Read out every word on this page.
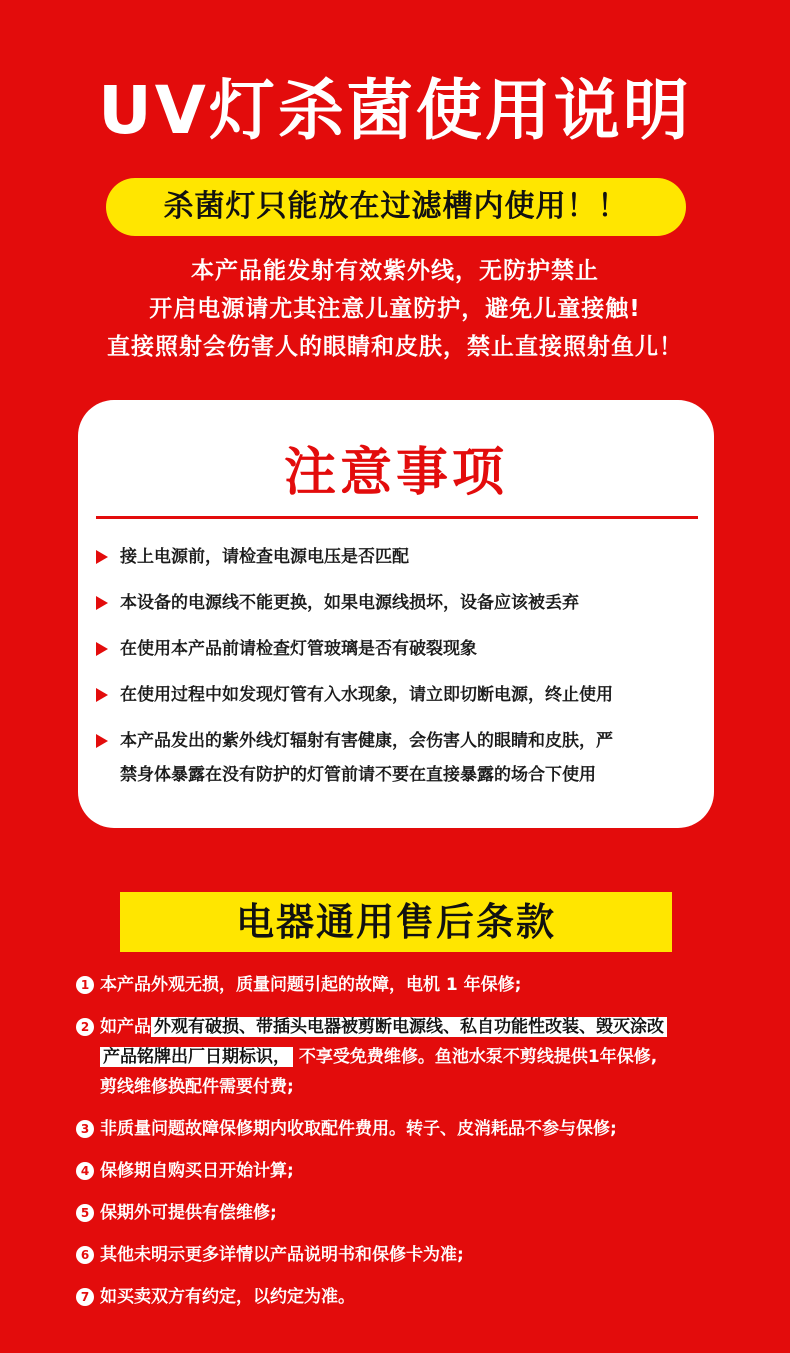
UV灯杀菌使用说明
杀菌灯只能放在过滤槽内使用！！
本产品能发射有效紫外线，无防护禁止
开启电源请尤其注意儿童防护，避免儿童接触!
直接照射会伤害人的眼睛和皮肤，禁止直接照射鱼儿！
注意事项
接上电源前，请检查电源电压是否匹配
本设备的电源线不能更换，如果电源线损坏，设备应该被丢弃
在使用本产品前请检查灯管玻璃是否有破裂现象
在使用过程中如发现灯管有入水现象，请立即切断电源，终止使用
本产品发出的紫外线灯辐射有害健康，会伤害人的眼睛和皮肤，严
禁身体暴露在没有防护的灯管前请不要在直接暴露的场合下使用
电器通用售后条款
1 本产品外观无损，质量问题引起的故障，电机 1 年保修;
2 如产品 外观有破损、带插头电器被剪断电源线、私自功能性改装、毁灭涂改
产品铭牌出厂日期标识， 不享受免费维修。鱼池水泵不剪线提供1年保修,
剪线维修换配件需要付费;
3 非质量问题故障保修期内收取配件费用。转子、皮消耗品不参与保修;
4 保修期自购买日开始计算;
5 保期外可提供有偿维修;
6 其他未明示更多详情以产品说明书和保修卡为准;
7 如买卖双方有约定，以约定为准。
